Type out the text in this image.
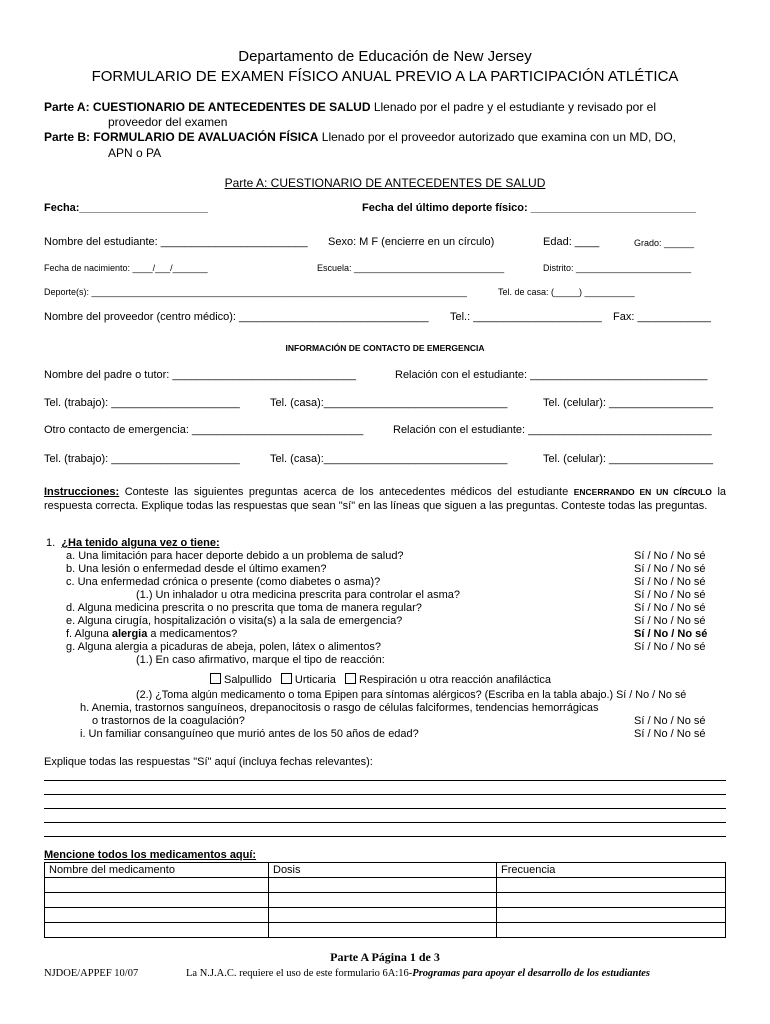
Departamento de Educación de New Jersey
FORMULARIO DE EXAMEN FÍSICO ANUAL PREVIO A LA PARTICIPACIÓN ATLÉTICA
Parte A: CUESTIONARIO DE ANTECEDENTES DE SALUD Llenado por el padre y el estudiante y revisado por el
proveedor del examen
Parte B: FORMULARIO DE AVALUACIÓN FÍSICA Llenado por el proveedor autorizado que examina con un MD, DO,
APN o PA
Parte A: CUESTIONARIO DE ANTECEDENTES DE SALUD
Fecha:_____________________	Fecha del último deporte físico: ___________________________
Nombre del estudiante: ________________________ Sexo: M F (encierre en un círculo)	Edad: ____	Grado: ______
Fecha de nacimiento: ____/___/_______	Escuela: ______________________________	Distrito: _______________________
Deporte(s): ___________________________________________________________________________	Tel. de casa: (_____) __________
Nombre del proveedor (centro médico): _______________________________ Tel.: _____________________ Fax: ____________
INFORMACIÓN DE CONTACTO DE EMERGENCIA
Nombre del padre o tutor: ______________________________	Relación con el estudiante: _____________________________
Tel. (trabajo): _____________________	Tel. (casa):______________________________	Tel. (celular): _________________
Otro contacto de emergencia: ____________________________	Relación con el estudiante: ______________________________
Tel. (trabajo): _____________________	Tel. (casa):______________________________	Tel. (celular): _________________
Instrucciones: Conteste las siguientes preguntas acerca de los antecedentes médicos del estudiante ENCERRANDO EN UN CÍRCULO la respuesta correcta. Explique todas las respuestas que sean "sí" en las líneas que siguen a las preguntas. Conteste todas las preguntas.
1. ¿Ha tenido alguna vez o tiene:
a. Una limitación para hacer deporte debido a un problema de salud?	Sí / No / No sé
b. Una lesión o enfermedad desde el último examen?	Sí / No / No sé
c. Una enfermedad crónica o presente (como diabetes o asma)?	Sí / No / No sé
(1.) Un inhalador u otra medicina prescrita para controlar el asma?	Sí / No / No sé
d. Alguna medicina prescrita o no prescrita que toma de manera regular?	Sí / No / No sé
e. Alguna cirugía, hospitalización o visita(s) a la sala de emergencia?	Sí / No / No sé
f. Alguna alergia a medicamentos?	Sí / No / No sé
g. Alguna alergia a picaduras de abeja, polen, látex o alimentos?	Sí / No / No sé
(1.) En caso afirmativo, marque el tipo de reacción:
Salpullido Urticaria Respiración u otra reacción anafiláctica
(2.) ¿Toma algún medicamento o toma Epipen para síntomas alérgicos? (Escriba en la tabla abajo.) Sí / No / No sé
h. Anemia, trastornos sanguíneos, drepanocitosis o rasgo de células falciformes, tendencias hemorrágicas
o trastornos de la coagulación?	Sí / No / No sé
i. Un familiar consanguíneo que murió antes de los 50 años de edad?	Sí / No / No sé
Explique todas las respuestas "Sí" aquí (incluya fechas relevantes):
Mencione todos los medicamentos aquí:
Nombre del medicamento	Dosis	Frecuencia

Parte A Página 1 de 3
NJDOE/APPEF 10/07	La N.J.A.C. requiere el uso de este formulario 6A:16-Programas para apoyar el desarrollo de los estudiantes
